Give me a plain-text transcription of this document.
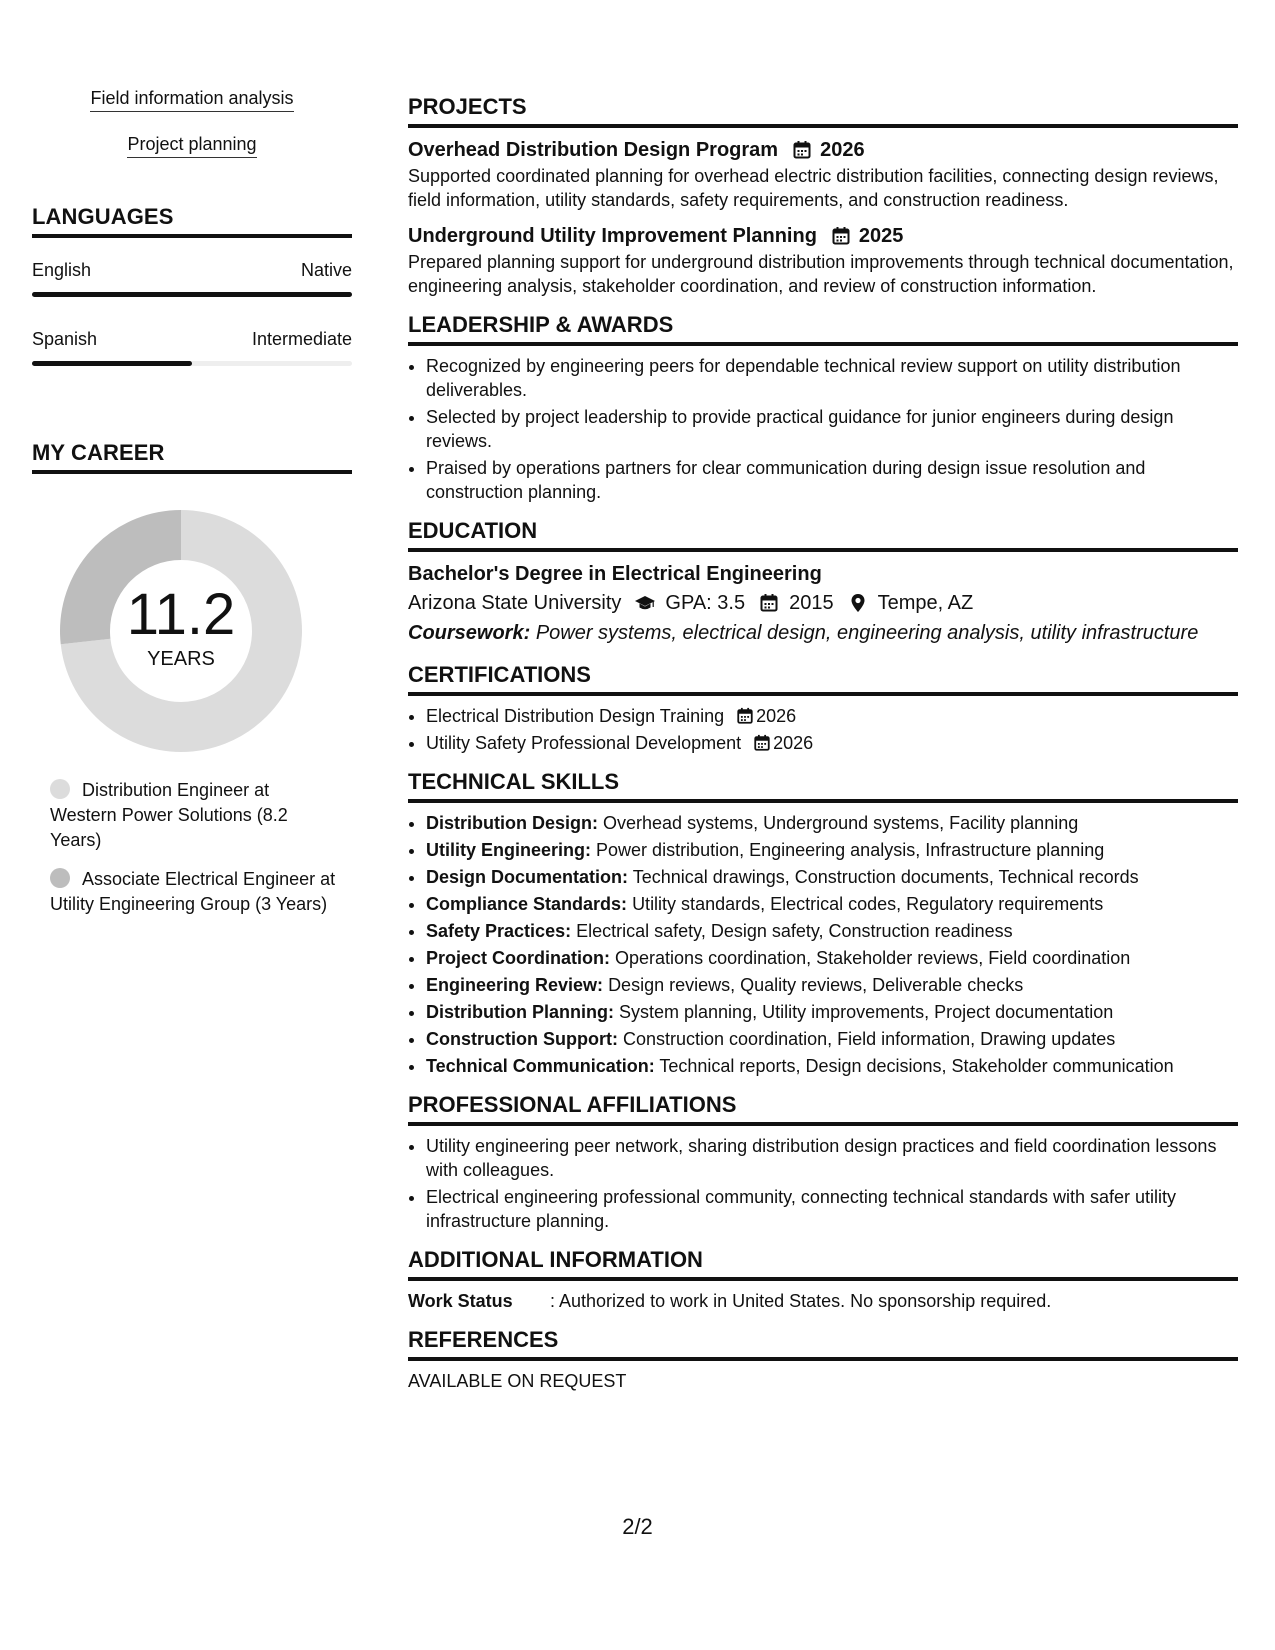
Field information analysis
Project planning
LANGUAGES
English	Native
Spanish	Intermediate
MY CAREER
11.2
YEARS
Distribution Engineer at Western Power Solutions (8.2 Years)
Associate Electrical Engineer at Utility Engineering Group (3 Years)
PROJECTS
Overhead Distribution Design Program 2026

Supported coordinated planning for overhead electric distribution facilities, connecting design reviews, field information, utility standards, safety requirements, and construction readiness.

Underground Utility Improvement Planning 2025

Prepared planning support for underground distribution improvements through technical documentation, engineering analysis, stakeholder coordination, and review of construction information.

LEADERSHIP & AWARDS
• Recognized by engineering peers for dependable technical review support on utility distribution deliverables.
• Selected by project leadership to provide practical guidance for junior engineers during design reviews.
• Praised by operations partners for clear communication during design issue resolution and construction planning.
EDUCATION
Bachelor's Degree in Electrical Engineering
Arizona State University GPA: 3.5 2015 Tempe, AZ
Coursework: Power systems, electrical design, engineering analysis, utility infrastructure
CERTIFICATIONS
• Electrical Distribution Design Training 2026
• Utility Safety Professional Development 2026
TECHNICAL SKILLS
• Distribution Design: Overhead systems, Underground systems, Facility planning
• Utility Engineering: Power distribution, Engineering analysis, Infrastructure planning
• Design Documentation: Technical drawings, Construction documents, Technical records
• Compliance Standards: Utility standards, Electrical codes, Regulatory requirements
• Safety Practices: Electrical safety, Design safety, Construction readiness
• Project Coordination: Operations coordination, Stakeholder reviews, Field coordination
• Engineering Review: Design reviews, Quality reviews, Deliverable checks
• Distribution Planning: System planning, Utility improvements, Project documentation
• Construction Support: Construction coordination, Field information, Drawing updates
• Technical Communication: Technical reports, Design decisions, Stakeholder communication
PROFESSIONAL AFFILIATIONS
• Utility engineering peer network, sharing distribution design practices and field coordination lessons with colleagues.
• Electrical engineering professional community, connecting technical standards with safer utility infrastructure planning.
ADDITIONAL INFORMATION
Work Status	: Authorized to work in United States. No sponsorship required.
REFERENCES
AVAILABLE ON REQUEST
2/2
